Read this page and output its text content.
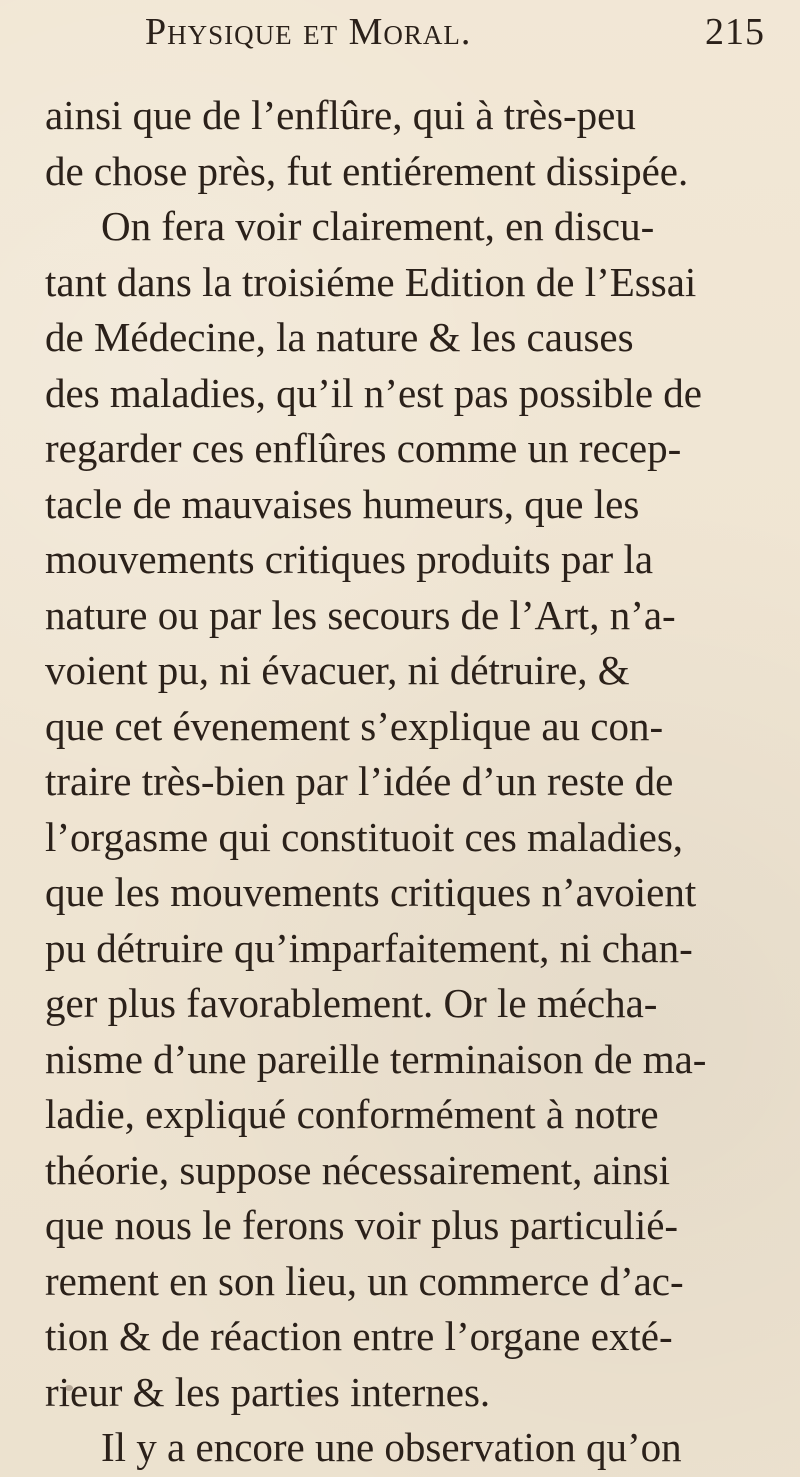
Physique et Moral.	215
ainsi que de l’enflûre, qui à très-peu
de chose près, fut entiérement dissipée.
On fera voir clairement, en discu-
tant dans la troisiéme Edition de l’Essai
de Médecine, la nature & les causes
des maladies, qu’il n’est pas possible de
regarder ces enflûres comme un recep-
tacle de mauvaises humeurs, que les
mouvements critiques produits par la
nature ou par les secours de l’Art, n’a-
voient pu, ni évacuer, ni détruire, &
que cet évenement s’explique au con-
traire très-bien par l’idée d’un reste de
l’orgasme qui constituoit ces maladies,
que les mouvements critiques n’avoient
pu détruire qu’imparfaitement, ni chan-
ger plus favorablement. Or le mécha-
nisme d’une pareille terminaison de ma-
ladie, expliqué conformément à notre
théorie, suppose nécessairement, ainsi
que nous le ferons voir plus particulié-
rement en son lieu, un commerce d’ac-
tion & de réaction entre l’organe exté-
rieur & les parties internes.
Il y a encore une observation qu’on
